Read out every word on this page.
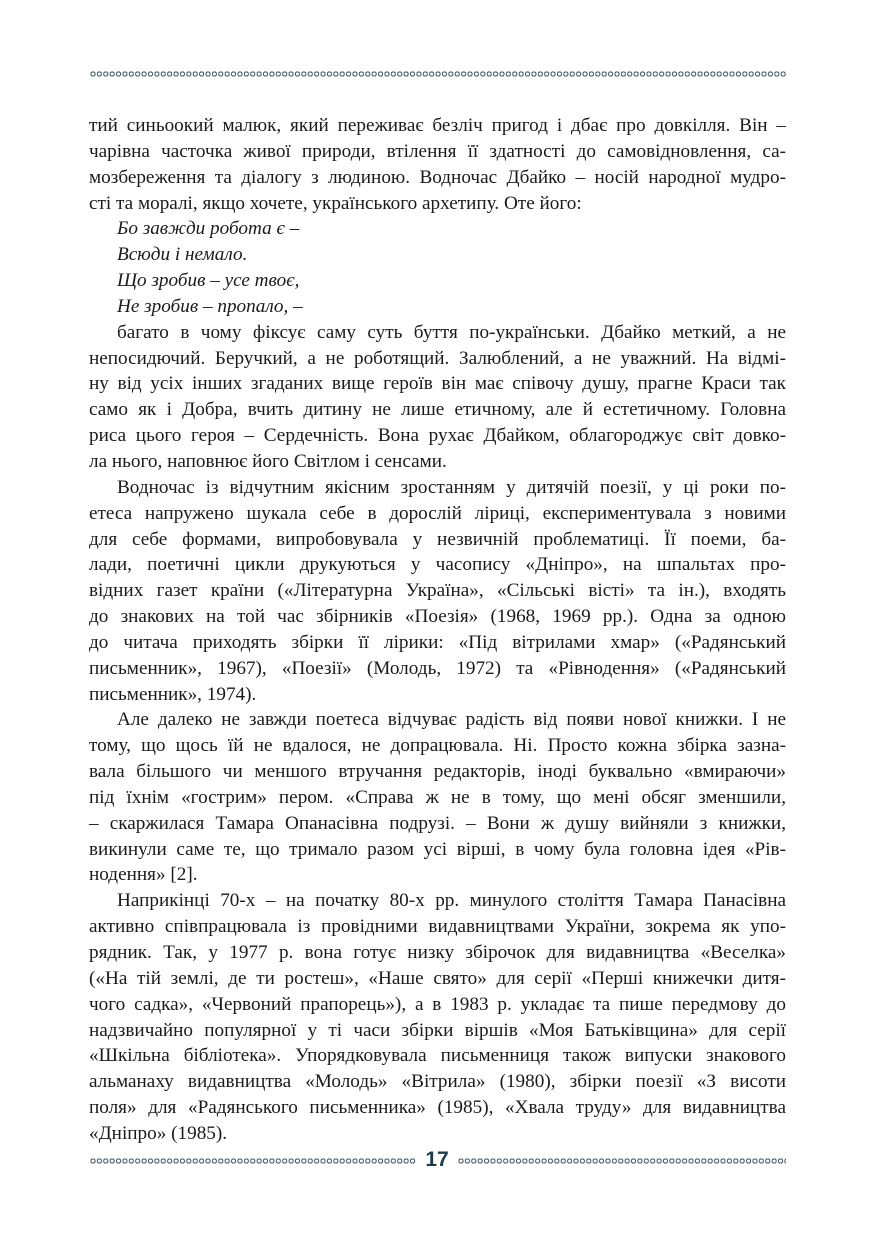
тий синьоокий малюк, який переживає безліч пригод і дбає про довкілля. Він –
чарівна часточка живої природи, втілення її здатності до самовідновлення, са-
мозбереження та діалогу з людиною. Водночас Дбайко – носій народної мудро-
сті та моралі, якщо хочете, українського архетипу. Оте його:
Бо завжди робота є –
Всюди і немало.
Що зробив – усе твоє,
Не зробив – пропало, –
багато в чому фіксує саму суть буття по-українськи. Дбайко меткий, а не
непосидючий. Беручкий, а не роботящий. Залюблений, а не уважний. На відмі-
ну від усіх інших згаданих вище героїв він має співочу душу, прагне Краси так
само як і Добра, вчить дитину не лише етичному, але й естетичному. Головна
риса цього героя – Сердечність. Вона рухає Дбайком, облагороджує світ довко-
ла нього, наповнює його Світлом і сенсами.
Водночас із відчутним якісним зростанням у дитячій поезії, у ці роки по-
етеса напружено шукала себе в дорослій ліриці, експериментувала з новими
для себе формами, випробовувала у незвичній проблематиці. Її поеми, ба-
лади, поетичні цикли друкуються у часопису «Дніпро», на шпальтах про-
відних газет країни («Літературна Україна», «Сільські вісті» та ін.), входять
до знакових на той час збірників «Поезія» (1968, 1969 рр.). Одна за одною
до читача приходять збірки її лірики: «Під вітрилами хмар» («Радянський
письменник», 1967), «Поезії» (Молодь, 1972) та «Рівнодення» («Радянський
письменник», 1974).
Але далеко не завжди поетеса відчуває радість від появи нової книжки. І не
тому, що щось їй не вдалося, не допрацювала. Ні. Просто кожна збірка зазна-
вала більшого чи меншого втручання редакторів, іноді буквально «вмираючи»
під їхнім «гострим» пером. «Справа ж не в тому, що мені обсяг зменшили,
– скаржилася Тамара Опанасівна подрузі. – Вони ж душу вийняли з книжки,
викинули саме те, що тримало разом усі вірші, в чому була головна ідея «Рів-
нодення» [2].
Наприкінці 70-х – на початку 80-х рр. минулого століття Тамара Панасівна
активно співпрацювала із провідними видавництвами України, зокрема як упо-
рядник. Так, у 1977 р. вона готує низку збірочок для видавництва «Веселка»
(«На тій землі, де ти ростеш», «Наше свято» для серії «Перші книжечки дитя-
чого садка», «Червоний прапорець»), а в 1983 р. укладає та пише передмову до
надзвичайно популярної у ті часи збірки віршів «Моя Батьківщина» для серії
«Шкільна бібліотека». Упорядковувала письменниця також випуски знакового
альманаху видавництва «Молодь» «Вітрила» (1980), збірки поезії «З висоти
поля» для «Радянського письменника» (1985), «Хвала труду» для видавництва
«Дніпро» (1985).
17
